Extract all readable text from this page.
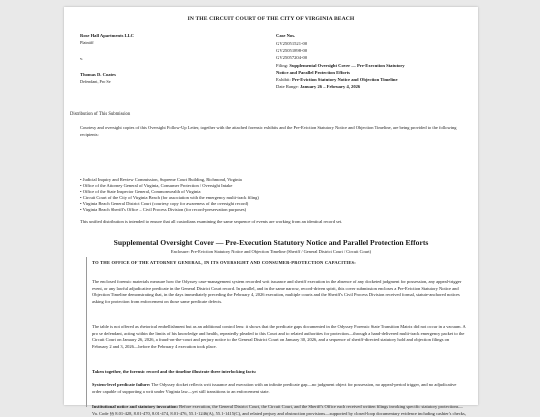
IN THE CIRCUIT COURT OF THE CITY OF VIRGINIA BEACH
Rose Hall Apartments LLC
Plaintiff
v.
Thomas D. Coates
Defendant, Pro Se
Case Nos.
GV25051521-00
GV25051898-00
GV25057204-00
Filing: Supplemental Oversight Cover — Pre-Execution Statutory
Notice and Parallel Protection Efforts
Exhibit: Pre-Eviction Statutory Notice and Objection Timeline
Date Range: January 26 – February 4, 2026
Distribution of This Submission
Courtesy and oversight copies of this Oversight Follow-Up Letter, together with the attached forensic exhibits and the Pre-Eviction Statutory Notice and Objection Timeline, are being provided to the following recipients:
• Judicial Inquiry and Review Commission, Supreme Court Building, Richmond, Virginia
• Office of the Attorney General of Virginia, Consumer Protection / Oversight Intake
• Office of the State Inspector General, Commonwealth of Virginia
• Circuit Court of the City of Virginia Beach (for association with the emergency multi-track filing)
• Virginia Beach General District Court (courtesy copy for awareness of the oversight record)
• Virginia Beach Sheriff's Office – Civil Process Division (for record-preservation purposes)
This unified distribution is intended to ensure that all custodians examining the same sequence of events are working from an identical record set.
Supplemental Oversight Cover — Pre-Execution Statutory Notice and Parallel Protection Efforts
Enclosure: Pre-Eviction Statutory Notice and Objection Timeline (Sheriff / General District Court / Circuit Court)
TO THE OFFICE OF THE ATTORNEY GENERAL, IN ITS OVERSIGHT AND CONSUMER-PROTECTION CAPACITIES:
The enclosed forensic materials measure how the Odyssey case-management system recorded writ issuance and sheriff execution in the absence of any docketed judgment for possession, any appeal-trigger event, or any lawful adjudicative predicate in the General District Court record. In parallel, and in the same narrow, record-driven spirit, this cover submission encloses a Pre-Eviction Statutory Notice and Objection Timeline demonstrating that, in the days immediately preceding the February 4, 2026 execution, multiple courts and the Sheriff's Civil Process Division received formal, statute-anchored notices asking for protection from enforcement on those same predicate defects.
The table is not offered as rhetorical embellishment but as an additional control lens: it shows that the predicate gaps documented in the Odyssey Forensic State Transition Matrix did not occur in a vacuum. A pro se defendant, acting within the limits of his knowledge and health, repeatedly pleaded to this Court and to related authorities for protection—through a hand-delivered multi-track emergency packet to the Circuit Court on January 26, 2026, a fraud-on-the-court and perjury notice to the General District Court on January 30, 2026, and a sequence of sheriff-directed statutory hold and objection filings on February 2 and 3, 2026—before the February 4 execution took place.
Taken together, the forensic record and the timeline illustrate three interlocking facts:
System-level predicate failure: The Odyssey docket reflects writ issuance and execution with an infinite predicate gap—no judgment object for possession, no appeal-period trigger, and no adjudicative order capable of supporting a writ under Virginia law—yet still transitions to an enforcement state.
Institutional notice and statutory invocation: Before execution, the General District Court, the Circuit Court, and the Sheriff's Office each received written filings invoking specific statutory protections—Va. Code §§ 8.01-428, 8.01-470, 8.01-474, 8.01-476, 55.1-1246(A), 55.1-1415(C), and related perjury and obstruction provisions—supported by closed-loop documentary evidence including cashier's checks,
